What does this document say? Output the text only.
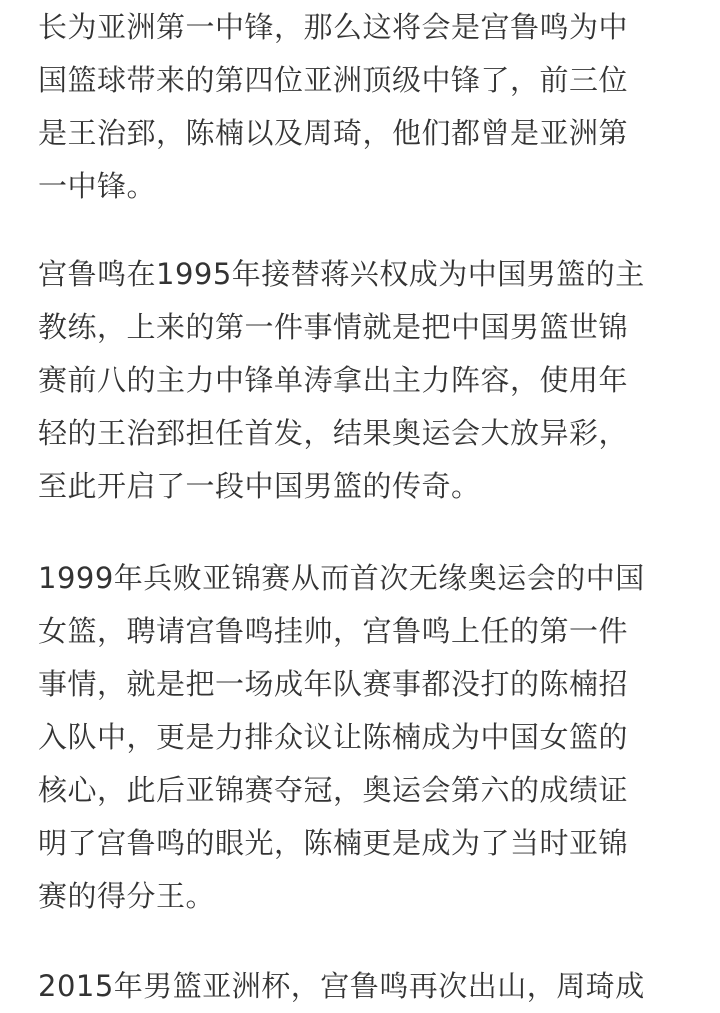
长为亚洲第一中锋，那么这将会是宫鲁鸣为中
国篮球带来的第四位亚洲顶级中锋了，前三位
是王治郅，陈楠以及周琦，他们都曾是亚洲第
一中锋。
宫鲁鸣在1995年接替蒋兴权成为中国男篮的主
教练，上来的第一件事情就是把中国男篮世锦
赛前八的主力中锋单涛拿出主力阵容，使用年
轻的王治郅担任首发，结果奥运会大放异彩，
至此开启了一段中国男篮的传奇。
1999年兵败亚锦赛从而首次无缘奥运会的中国
女篮，聘请宫鲁鸣挂帅，宫鲁鸣上任的第一件
事情，就是把一场成年队赛事都没打的陈楠招
入队中，更是力排众议让陈楠成为中国女篮的
核心，此后亚锦赛夺冠，奥运会第六的成绩证
明了宫鲁鸣的眼光，陈楠更是成为了当时亚锦
赛的得分王。
2015年男篮亚洲杯，宫鲁鸣再次出山，周琦成
